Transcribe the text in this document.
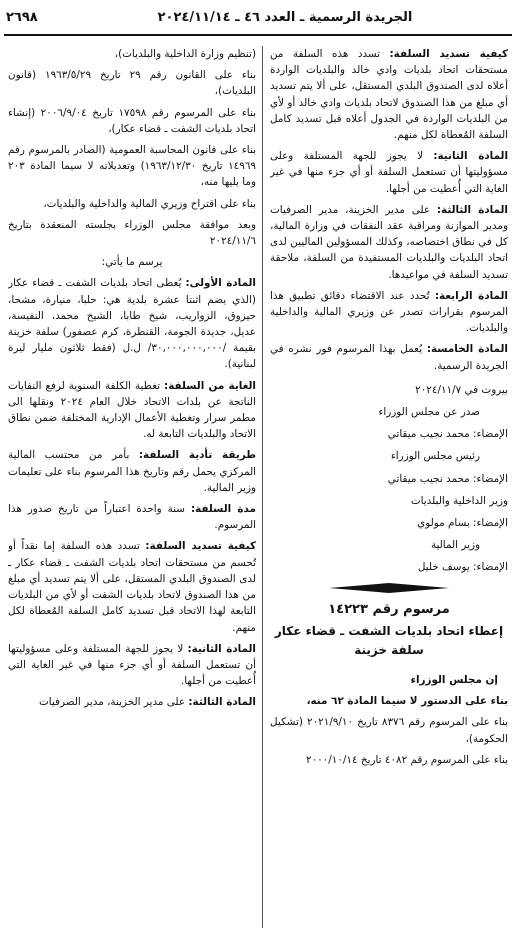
٢٦٩٨	الجريدة الرسمية ـ العدد ٤٦ ـ ٢٠٢٤/١١/١٤

كيفية تسديد السلفة: تسدد هذه السلفة من مستحقات اتحاد بلديات وادي خالد والبلديات الواردة أعلاه لدى الصندوق البلدي المستقل، على ألا يتم تسديد أي مبلغ من هذا الصندوق لاتحاد بلديات وادي خالد أو لأي من البلديات الواردة في الجدول أعلاه قبل تسديد كامل السلفة المُعطاة لكل منهم.

المادة الثانية: لا يجوز للجهة المستلفة وعلى مسؤوليتها أن تستعمل السلفة أو أي جزء منها في غير الغاية التي أُعطيت من أجلها.

المادة الثالثة: على مدير الخزينة، مدير الصرفيات ومدير الموازنة ومراقبة عقد النفقات في وزارة المالية، كل في نطاق اختصاصه، وكذلك المسؤولين الماليين لدى اتحاد البلديات والبلديات المستفيدة من السلفة، ملاحقة تسديد السلفة في مواعيدها.

المادة الرابعة: تُحدد عند الاقتضاء دقائق تطبيق هذا المرسوم بقرارات تصدر عن وزيري المالية والداخلية والبلديات.

المادة الخامسة: يُعمل بهذا المرسوم فور نشره في الجريدة الرسمية.

بيروت في ٢٠٢٤/١١/٧

صدر عن مجلس الوزراء

الإمضاء: محمد نجيب ميقاتي

رئيس مجلس الوزراء

الإمضاء: محمد نجيب ميقاتي

وزير الداخلية والبلديات

الإمضاء: بسام مولوي

وزير المالية

الإمضاء: يوسف خليل

مرسوم رقم ١٤٢٢٣
إعطاء اتحاد بلديات الشفت ـ قضاء عكار سلفة خزينة

إن مجلس الوزراء

بناء على الدستور لا سيما المادة ٦٢ منه،

بناء على المرسوم رقم ٨٣٧٦ تاريخ ٢٠٢١/٩/١٠ (تشكيل الحكومة)،

بناء على المرسوم رقم ٤٠٨٢ تاريخ ٢٠٠٠/١٠/١٤

(تنظيم وزارة الداخلية والبلديات)،

بناء على القانون رقم ٢٩ تاريخ ١٩٦٣/٥/٢٩ (قانون البلديات)،

بناء على المرسوم رقم ١٧٥٩٨ تاريخ ٢٠٠٦/٩/٠٤ (إنشاء اتحاد بلديات الشفت ـ قضاء عكار)،

بناء على قانون المحاسبة العمومية (الصادر بالمرسوم رقم ١٤٩٦٩ تاريخ ١٩٦٣/١٢/٣٠) وتعديلاته لا سيما المادة ٢٠٣ وما يليها منه،

بناء على اقتراح وزيري المالية والداخلية والبلديات،

وبعد موافقة مجلس الوزراء بجلسته المنعقدة بتاريخ ٢٠٢٤/١١/٦

يرسم ما يأتي:

المادة الأولى: يُعطى اتحاد بلديات الشفت ـ قضاء عكار (الذي يضم اثنتا عشرة بلدية هي: حلبا، منيارة، مشحا، حيزوق، الزواريب، شيخ طابا، الشيخ محمد، النفيسة، عديل، جديدة الجومة، القنطرة، كرم عصفور) سلفة خزينة بقيمة /٣٠,٠٠٠,٠٠٠,٠٠٠/ ل.ل (فقط ثلاثون مليار ليرة لبنانية).

الغاية من السلفة: تغطية الكلفة السنوية لرفع النفايات الناتجة عن بلدات الاتحاد خلال العام ٢٠٢٤ ونقلها الى مطمر سرار وتغطية الأعمال الإدارية المختلفة ضمن نطاق الاتحاد والبلديات التابعة له.

طريقة تأدية السلفة: بأمر من محتسب المالية المركزي يحمل رقم وتاريخ هذا المرسوم بناء على تعليمات وزير المالية.

مدة السلفة: سنة واحدة اعتباراً من تاريخ صدور هذا المرسوم.

كيفية تسديد السلفة: تسدد هذه السلفة إما نقداً أو تُحسم من مستحقات اتحاد بلديات الشفت ـ قضاء عكار ـ لدى الصندوق البلدي المستقل، على ألا يتم تسديد أي مبلغ من هذا الصندوق لاتحاد بلديات الشفت أو لأي من البلديات التابعة لهذا الاتحاد قبل تسديد كامل السلفة المُعطاة لكل منهم.

المادة الثانية: لا يجوز للجهة المستلفة وعلى مسؤوليتها أن تستعمل السلفة أو أي جزء منها في غير الغاية التي أُعطيت من أجلها.

المادة الثالثة: على مدير الخزينة، مدير الصرفيات
